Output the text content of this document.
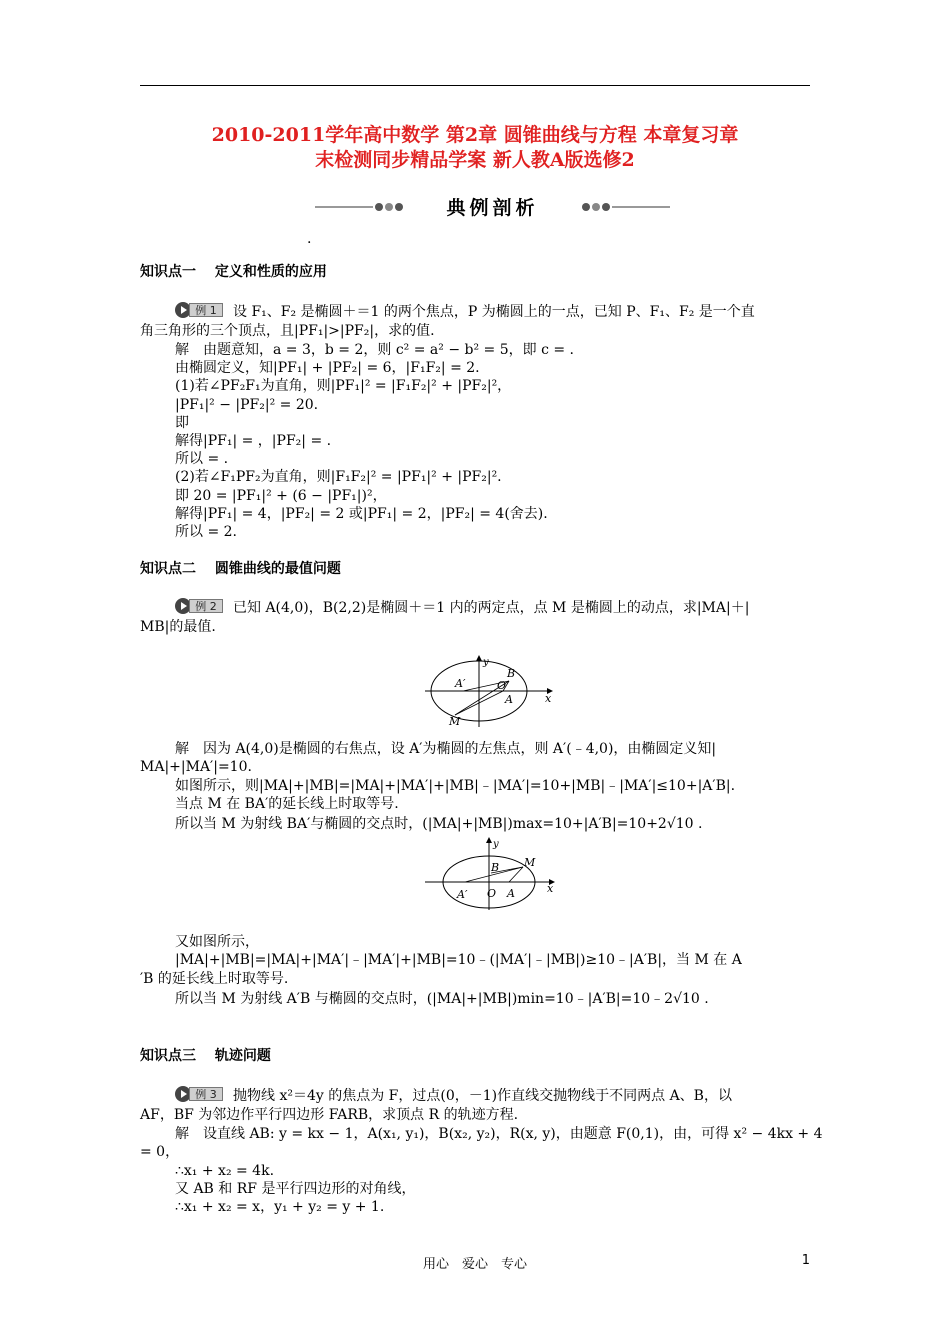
2010-2011学年高中数学 第2章 圆锥曲线与方程 本章复习章
末检测同步精品学案 新人教A版选修2
典例剖析
.
知识点一　 定义和性质的应用
例 1	设 F₁、F₂ 是椭圆＋＝1 的两个焦点，P 为椭圆上的一点，已知 P、F₁、F₂ 是一个直
角三角形的三个顶点，且|PF₁|>|PF₂|，求的值.
解　由题意知，a = 3，b = 2，则 c² = a² − b² = 5，即 c = .
由椭圆定义，知|PF₁| + |PF₂| = 6，|F₁F₂| = 2.
(1)若∠PF₂F₁为直角，则|PF₁|² = |F₁F₂|² + |PF₂|²，
|PF₁|² − |PF₂|² = 20.
即
解得|PF₁| = ，|PF₂| = .
所以 = .
(2)若∠F₁PF₂为直角，则|F₁F₂|² = |PF₁|² + |PF₂|².
即 20 = |PF₁|² + (6 − |PF₁|)²，
解得|PF₁| = 4，|PF₂| = 2 或|PF₁| = 2，|PF₂| = 4(舍去).
所以 = 2.
知识点二　 圆锥曲线的最值问题
例 2	已知 A(4,0)，B(2,2)是椭圆＋＝1 内的两定点，点 M 是椭圆上的动点，求|MA|＋|
MB|的最值.
y
x
A′
B
O
A
M
解　因为 A(4,0)是椭圆的右焦点，设 A′为椭圆的左焦点，则 A′(﹣4,0)，由椭圆定义知|
MA|+|MA′|=10.
如图所示，则|MA|+|MB|=|MA|+|MA′|+|MB|﹣|MA′|=10+|MB|﹣|MA′|≤10+|A′B|.
当点 M 在 BA′的延长线上时取等号.
所以当 M 为射线 BA′与椭圆的交点时，(|MA|+|MB|)max=10+|A′B|=10+2√10 .
y
M
B
A′ O A	x
又如图所示，
|MA|+|MB|=|MA|+|MA′|﹣|MA′|+|MB|=10﹣(|MA′|﹣|MB|)≥10﹣|A′B|，当 M 在 A
′B 的延长线上时取等号.
所以当 M 为射线 A′B 与椭圆的交点时，(|MA|+|MB|)min=10﹣|A′B|=10﹣2√10 .
知识点三　 轨迹问题
例 3	抛物线 x²＝4y 的焦点为 F，过点(0，－1)作直线交抛物线于不同两点 A、B，以
AF，BF 为邻边作平行四边形 FARB，求顶点 R 的轨迹方程.
解　设直线 AB: y = kx − 1，A(x₁, y₁)，B(x₂, y₂)，R(x, y)，由题意 F(0,1)，由，可得 x² − 4kx + 4
= 0，
∴x₁ + x₂ = 4k.
又 AB 和 RF 是平行四边形的对角线，
∴x₁ + x₂ = x，y₁ + y₂ = y + 1.
用心　爱心　专心	1
